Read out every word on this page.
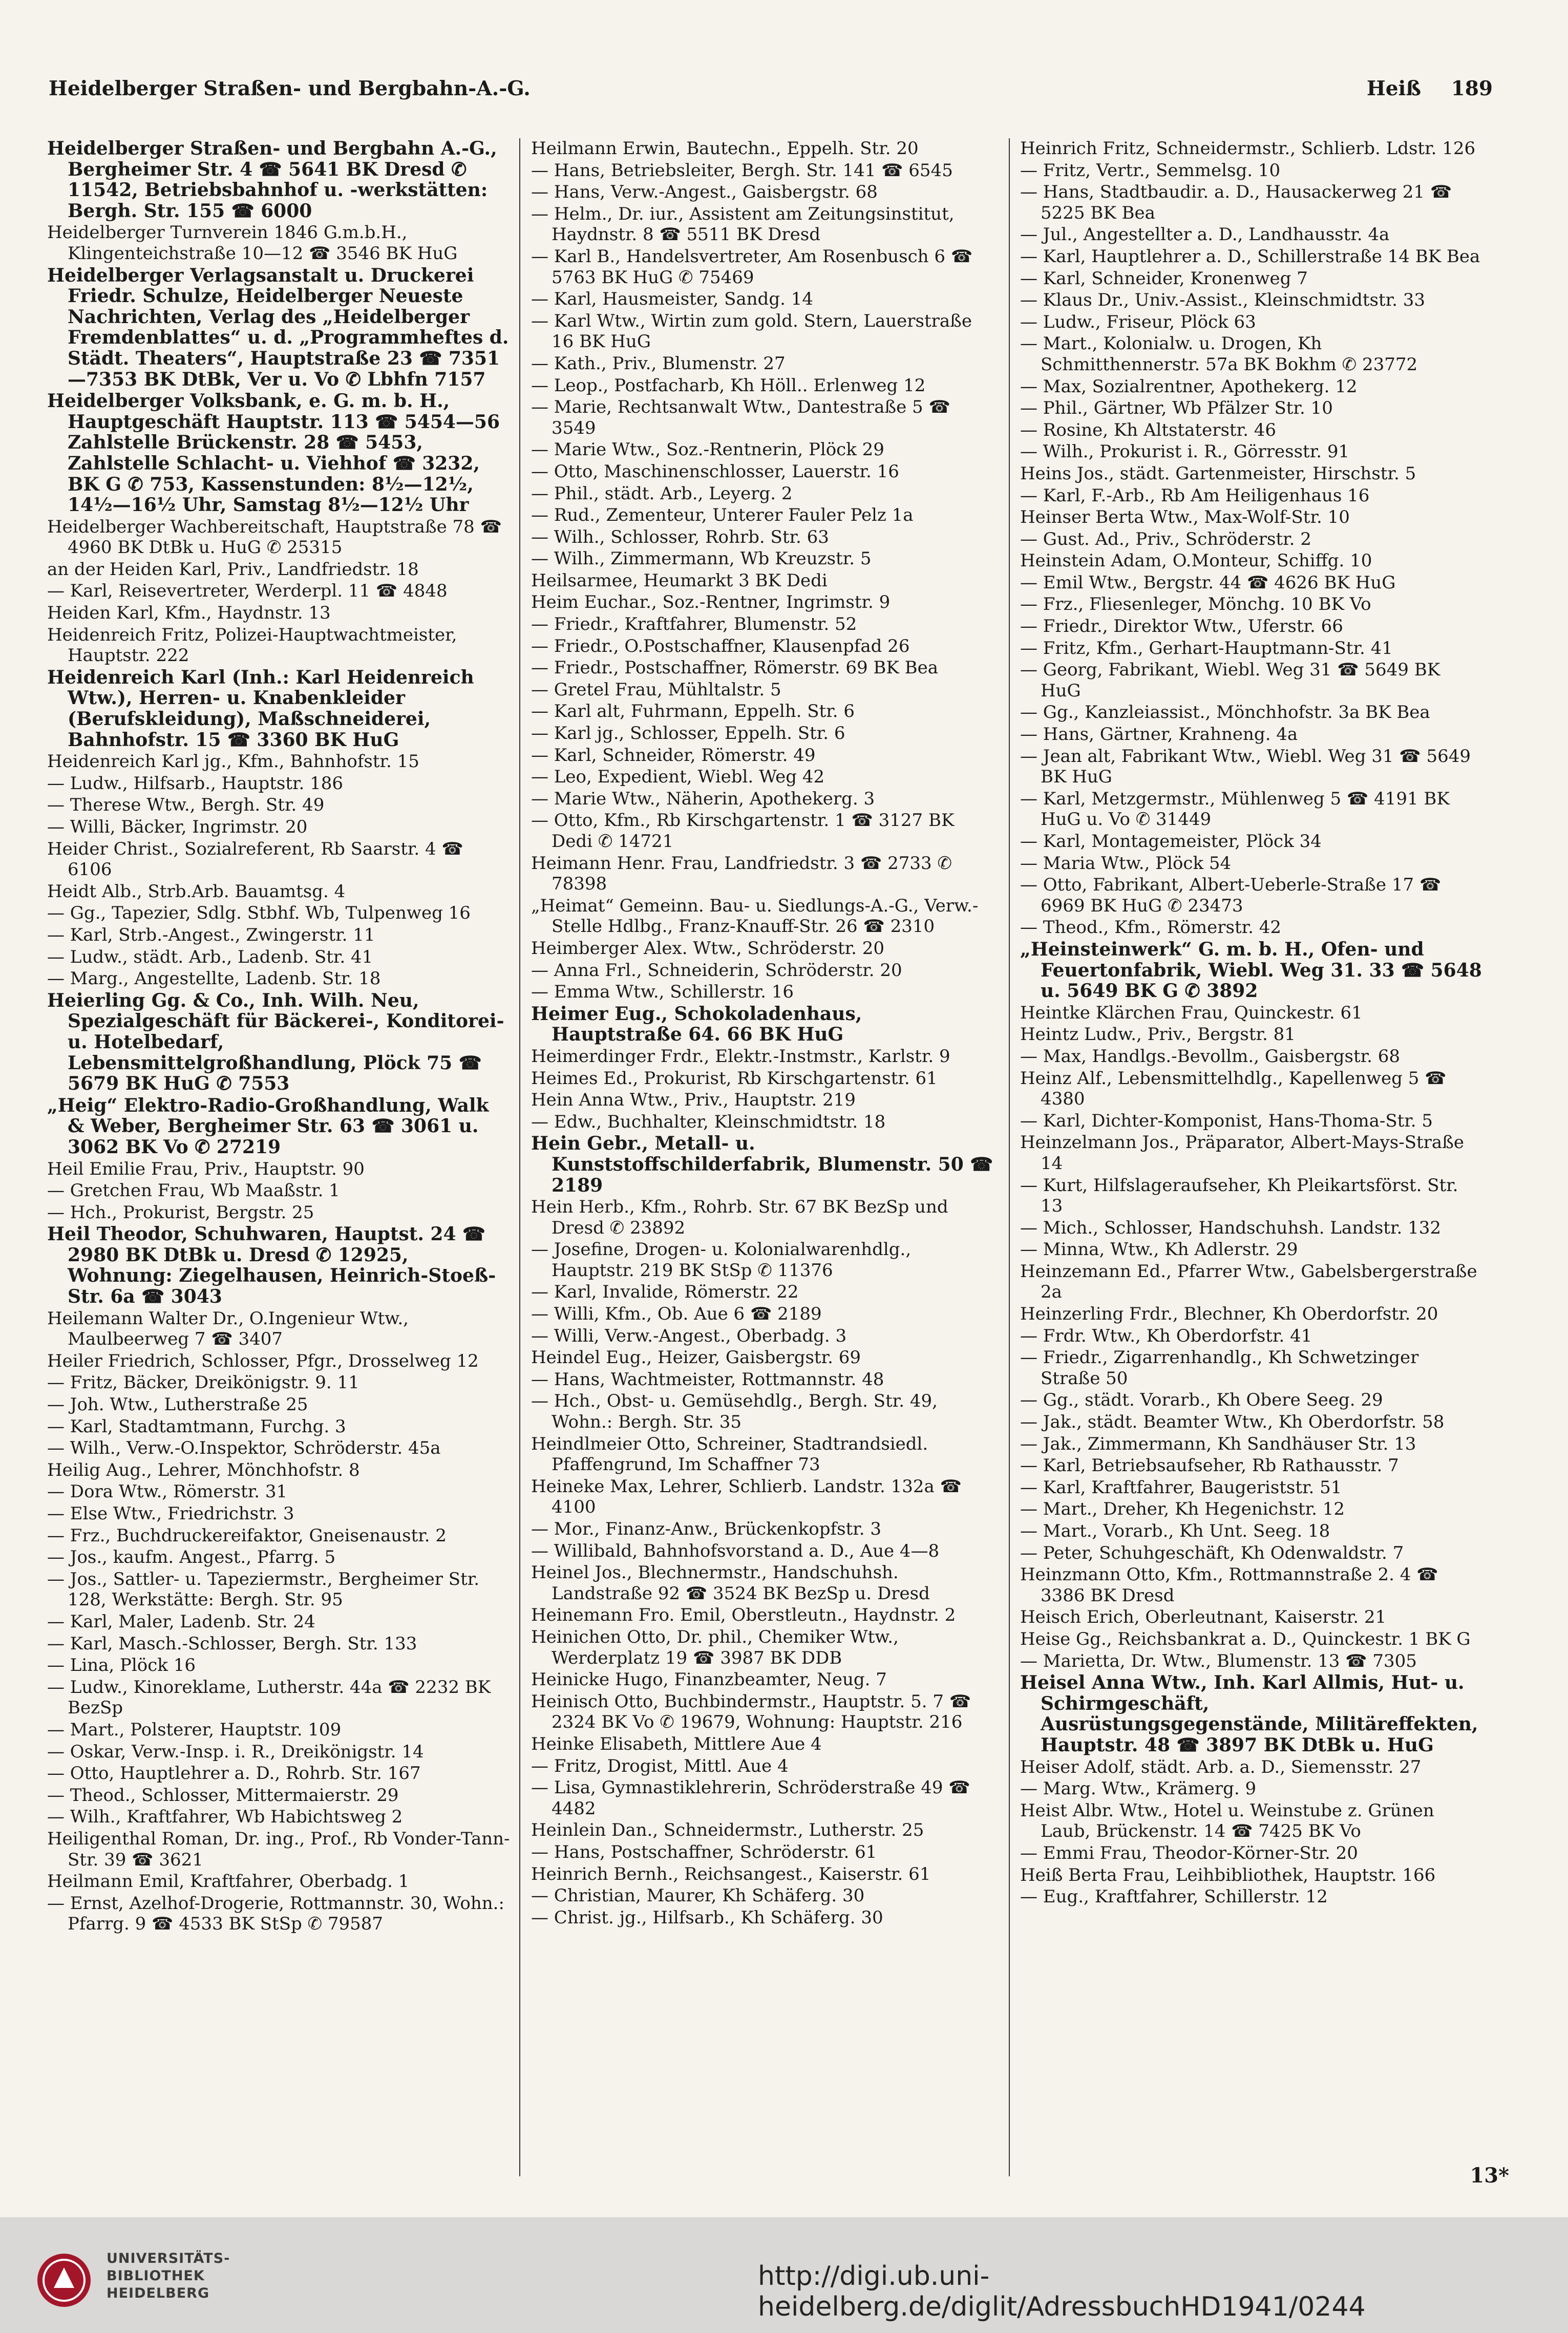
Heidelberger Straßen- und Bergbahn-A.-G.	Heiß 189

Heidelberger Straßen- und Bergbahn A.-G., Bergheimer Str. 4 ☎ 5641 BK Dresd ✆ 11542, Betriebsbahnhof u. -werkstätten: Bergh. Str. 155 ☎ 6000

Heidelberger Turnverein 1846 G.m.b.H., Klingenteichstraße 10—12 ☎ 3546 BK HuG

Heidelberger Verlagsanstalt u. Druckerei Friedr. Schulze, Heidelberger Neueste Nachrichten, Verlag des „Heidelberger Fremdenblattes“ u. d. „Programmheftes d. Städt. Theaters“, Hauptstraße 23 ☎ 7351—7353 BK DtBk, Ver u. Vo ✆ Lbhfn 7157

Heidelberger Volksbank, e. G. m. b. H., Hauptgeschäft Hauptstr. 113 ☎ 5454—56 Zahlstelle Brückenstr. 28 ☎ 5453, Zahlstelle Schlacht- u. Viehhof ☎ 3232, BK G ✆ 753, Kassenstunden: 8½—12½, 14½—16½ Uhr, Samstag 8½—12½ Uhr

Heidelberger Wachbereitschaft, Hauptstraße 78 ☎ 4960 BK DtBk u. HuG ✆ 25315

an der Heiden Karl, Priv., Landfriedstr. 18

— Karl, Reisevertreter, Werderpl. 11 ☎ 4848

Heiden Karl, Kfm., Haydnstr. 13

Heidenreich Fritz, Polizei-Hauptwachtmeister, Hauptstr. 222

Heidenreich Karl (Inh.: Karl Heidenreich Wtw.), Herren- u. Knabenkleider (Berufskleidung), Maßschneiderei, Bahnhofstr. 15 ☎ 3360 BK HuG

Heidenreich Karl jg., Kfm., Bahnhofstr. 15

— Ludw., Hilfsarb., Hauptstr. 186

— Therese Wtw., Bergh. Str. 49

— Willi, Bäcker, Ingrimstr. 20

Heider Christ., Sozialreferent, Rb Saarstr. 4 ☎ 6106

Heidt Alb., Strb.Arb. Bauamtsg. 4

— Gg., Tapezier, Sdlg. Stbhf. Wb, Tulpenweg 16

— Karl, Strb.-Angest., Zwingerstr. 11

— Ludw., städt. Arb., Ladenb. Str. 41

— Marg., Angestellte, Ladenb. Str. 18

Heierling Gg. & Co., Inh. Wilh. Neu, Spezialgeschäft für Bäckerei-, Konditorei- u. Hotelbedarf, Lebensmittelgroßhandlung, Plöck 75 ☎ 5679 BK HuG ✆ 7553

„Heig“ Elektro-Radio-Großhandlung, Walk & Weber, Bergheimer Str. 63 ☎ 3061 u. 3062 BK Vo ✆ 27219

Heil Emilie Frau, Priv., Hauptstr. 90

— Gretchen Frau, Wb Maaßstr. 1

— Hch., Prokurist, Bergstr. 25

Heil Theodor, Schuhwaren, Hauptst. 24 ☎ 2980 BK DtBk u. Dresd ✆ 12925, Wohnung: Ziegelhausen, Heinrich-Stoeß-Str. 6a ☎ 3043

Heilemann Walter Dr., O.Ingenieur Wtw., Maulbeerweg 7 ☎ 3407

Heiler Friedrich, Schlosser, Pfgr., Drosselweg 12

— Fritz, Bäcker, Dreikönigstr. 9. 11

— Joh. Wtw., Lutherstraße 25

— Karl, Stadtamtmann, Furchg. 3

— Wilh., Verw.-O.Inspektor, Schröderstr. 45a

Heilig Aug., Lehrer, Mönchhofstr. 8

— Dora Wtw., Römerstr. 31

— Else Wtw., Friedrichstr. 3

— Frz., Buchdruckereifaktor, Gneisenaustr. 2

— Jos., kaufm. Angest., Pfarrg. 5

— Jos., Sattler- u. Tapeziermstr., Bergheimer Str. 128, Werkstätte: Bergh. Str. 95

— Karl, Maler, Ladenb. Str. 24

— Karl, Masch.-Schlosser, Bergh. Str. 133

— Lina, Plöck 16

— Ludw., Kinoreklame, Lutherstr. 44a ☎ 2232 BK BezSp

— Mart., Polsterer, Hauptstr. 109

— Oskar, Verw.-Insp. i. R., Dreikönigstr. 14

— Otto, Hauptlehrer a. D., Rohrb. Str. 167

— Theod., Schlosser, Mittermaierstr. 29

— Wilh., Kraftfahrer, Wb Habichtsweg 2

Heiligenthal Roman, Dr. ing., Prof., Rb Vonder-Tann-Str. 39 ☎ 3621

Heilmann Emil, Kraftfahrer, Oberbadg. 1

— Ernst, Azelhof-Drogerie, Rottmannstr. 30, Wohn.: Pfarrg. 9 ☎ 4533 BK StSp ✆ 79587

Heilmann Erwin, Bautechn., Eppelh. Str. 20

— Hans, Betriebsleiter, Bergh. Str. 141 ☎ 6545

— Hans, Verw.-Angest., Gaisbergstr. 68

— Helm., Dr. iur., Assistent am Zeitungsinstitut, Haydnstr. 8 ☎ 5511 BK Dresd

— Karl B., Handelsvertreter, Am Rosenbusch 6 ☎ 5763 BK HuG ✆ 75469

— Karl, Hausmeister, Sandg. 14

— Karl Wtw., Wirtin zum gold. Stern, Lauerstraße 16 BK HuG

— Kath., Priv., Blumenstr. 27

— Leop., Postfacharb, Kh Höll.. Erlenweg 12

— Marie, Rechtsanwalt Wtw., Dantestraße 5 ☎ 3549

— Marie Wtw., Soz.-Rentnerin, Plöck 29

— Otto, Maschinenschlosser, Lauerstr. 16

— Phil., städt. Arb., Leyerg. 2

— Rud., Zementeur, Unterer Fauler Pelz 1a

— Wilh., Schlosser, Rohrb. Str. 63

— Wilh., Zimmermann, Wb Kreuzstr. 5

Heilsarmee, Heumarkt 3 BK Dedi

Heim Euchar., Soz.-Rentner, Ingrimstr. 9

— Friedr., Kraftfahrer, Blumenstr. 52

— Friedr., O.Postschaffner, Klausenpfad 26

— Friedr., Postschaffner, Römerstr. 69 BK Bea

— Gretel Frau, Mühltalstr. 5

— Karl alt, Fuhrmann, Eppelh. Str. 6

— Karl jg., Schlosser, Eppelh. Str. 6

— Karl, Schneider, Römerstr. 49

— Leo, Expedient, Wiebl. Weg 42

— Marie Wtw., Näherin, Apothekerg. 3

— Otto, Kfm., Rb Kirschgartenstr. 1 ☎ 3127 BK Dedi ✆ 14721

Heimann Henr. Frau, Landfriedstr. 3 ☎ 2733 ✆ 78398

„Heimat“ Gemeinn. Bau- u. Siedlungs-A.-G., Verw.-Stelle Hdlbg., Franz-Knauff-Str. 26 ☎ 2310

Heimberger Alex. Wtw., Schröderstr. 20

— Anna Frl., Schneiderin, Schröderstr. 20

— Emma Wtw., Schillerstr. 16

Heimer Eug., Schokoladenhaus, Hauptstraße 64. 66 BK HuG

Heimerdinger Frdr., Elektr.-Instmstr., Karlstr. 9

Heimes Ed., Prokurist, Rb Kirschgartenstr. 61

Hein Anna Wtw., Priv., Hauptstr. 219

— Edw., Buchhalter, Kleinschmidtstr. 18

Hein Gebr., Metall- u. Kunststoffschilderfabrik, Blumenstr. 50 ☎ 2189

Hein Herb., Kfm., Rohrb. Str. 67 BK BezSp und Dresd ✆ 23892

— Josefine, Drogen- u. Kolonialwarenhdlg., Hauptstr. 219 BK StSp ✆ 11376

— Karl, Invalide, Römerstr. 22

— Willi, Kfm., Ob. Aue 6 ☎ 2189

— Willi, Verw.-Angest., Oberbadg. 3

Heindel Eug., Heizer, Gaisbergstr. 69

— Hans, Wachtmeister, Rottmannstr. 48

— Hch., Obst- u. Gemüsehdlg., Bergh. Str. 49, Wohn.: Bergh. Str. 35

Heindlmeier Otto, Schreiner, Stadtrandsiedl. Pfaffengrund, Im Schaffner 73

Heineke Max, Lehrer, Schlierb. Landstr. 132a ☎ 4100

— Mor., Finanz-Anw., Brückenkopfstr. 3

— Willibald, Bahnhofsvorstand a. D., Aue 4—8

Heinel Jos., Blechnermstr., Handschuhsh. Landstraße 92 ☎ 3524 BK BezSp u. Dresd

Heinemann Fro. Emil, Oberstleutn., Haydnstr. 2

Heinichen Otto, Dr. phil., Chemiker Wtw., Werderplatz 19 ☎ 3987 BK DDB

Heinicke Hugo, Finanzbeamter, Neug. 7

Heinisch Otto, Buchbindermstr., Hauptstr. 5. 7 ☎ 2324 BK Vo ✆ 19679, Wohnung: Hauptstr. 216

Heinke Elisabeth, Mittlere Aue 4

— Fritz, Drogist, Mittl. Aue 4

— Lisa, Gymnastiklehrerin, Schröderstraße 49 ☎ 4482

Heinlein Dan., Schneidermstr., Lutherstr. 25

— Hans, Postschaffner, Schröderstr. 61

Heinrich Bernh., Reichsangest., Kaiserstr. 61

— Christian, Maurer, Kh Schäferg. 30

— Christ. jg., Hilfsarb., Kh Schäferg. 30

Heinrich Fritz, Schneidermstr., Schlierb. Ldstr. 126

— Fritz, Vertr., Semmelsg. 10

— Hans, Stadtbaudir. a. D., Hausackerweg 21 ☎ 5225 BK Bea

— Jul., Angestellter a. D., Landhausstr. 4a

— Karl, Hauptlehrer a. D., Schillerstraße 14 BK Bea

— Karl, Schneider, Kronenweg 7

— Klaus Dr., Univ.-Assist., Kleinschmidtstr. 33

— Ludw., Friseur, Plöck 63

— Mart., Kolonialw. u. Drogen, Kh Schmitthennerstr. 57a BK Bokhm ✆ 23772

— Max, Sozialrentner, Apothekerg. 12

— Phil., Gärtner, Wb Pfälzer Str. 10

— Rosine, Kh Altstaterstr. 46

— Wilh., Prokurist i. R., Görresstr. 91

Heins Jos., städt. Gartenmeister, Hirschstr. 5

— Karl, F.-Arb., Rb Am Heiligenhaus 16

Heinser Berta Wtw., Max-Wolf-Str. 10

— Gust. Ad., Priv., Schröderstr. 2

Heinstein Adam, O.Monteur, Schiffg. 10

— Emil Wtw., Bergstr. 44 ☎ 4626 BK HuG

— Frz., Fliesenleger, Mönchg. 10 BK Vo

— Friedr., Direktor Wtw., Uferstr. 66

— Fritz, Kfm., Gerhart-Hauptmann-Str. 41

— Georg, Fabrikant, Wiebl. Weg 31 ☎ 5649 BK HuG

— Gg., Kanzleiassist., Mönchhofstr. 3a BK Bea

— Hans, Gärtner, Krahneng. 4a

— Jean alt, Fabrikant Wtw., Wiebl. Weg 31 ☎ 5649 BK HuG

— Karl, Metzgermstr., Mühlenweg 5 ☎ 4191 BK HuG u. Vo ✆ 31449

— Karl, Montagemeister, Plöck 34

— Maria Wtw., Plöck 54

— Otto, Fabrikant, Albert-Ueberle-Straße 17 ☎ 6969 BK HuG ✆ 23473

— Theod., Kfm., Römerstr. 42

„Heinsteinwerk“ G. m. b. H., Ofen- und Feuertonfabrik, Wiebl. Weg 31. 33 ☎ 5648 u. 5649 BK G ✆ 3892

Heintke Klärchen Frau, Quinckestr. 61

Heintz Ludw., Priv., Bergstr. 81

— Max, Handlgs.-Bevollm., Gaisbergstr. 68

Heinz Alf., Lebensmittelhdlg., Kapellenweg 5 ☎ 4380

— Karl, Dichter-Komponist, Hans-Thoma-Str. 5

Heinzelmann Jos., Präparator, Albert-Mays-Straße 14

— Kurt, Hilfslageraufseher, Kh Pleikartsförst. Str. 13

— Mich., Schlosser, Handschuhsh. Landstr. 132

— Minna, Wtw., Kh Adlerstr. 29

Heinzemann Ed., Pfarrer Wtw., Gabelsbergerstraße 2a

Heinzerling Frdr., Blechner, Kh Oberdorfstr. 20

— Frdr. Wtw., Kh Oberdorfstr. 41

— Friedr., Zigarrenhandlg., Kh Schwetzinger Straße 50

— Gg., städt. Vorarb., Kh Obere Seeg. 29

— Jak., städt. Beamter Wtw., Kh Oberdorfstr. 58

— Jak., Zimmermann, Kh Sandhäuser Str. 13

— Karl, Betriebsaufseher, Rb Rathausstr. 7

— Karl, Kraftfahrer, Baugeriststr. 51

— Mart., Dreher, Kh Hegenichstr. 12

— Mart., Vorarb., Kh Unt. Seeg. 18

— Peter, Schuhgeschäft, Kh Odenwaldstr. 7

Heinzmann Otto, Kfm., Rottmannstraße 2. 4 ☎ 3386 BK Dresd

Heisch Erich, Oberleutnant, Kaiserstr. 21

Heise Gg., Reichsbankrat a. D., Quinckestr. 1 BK G

— Marietta, Dr. Wtw., Blumenstr. 13 ☎ 7305

Heisel Anna Wtw., Inh. Karl Allmis, Hut- u. Schirmgeschäft, Ausrüstungsgegenstände, Militäreffekten, Hauptstr. 48 ☎ 3897 BK DtBk u. HuG

Heiser Adolf, städt. Arb. a. D., Siemensstr. 27

— Marg. Wtw., Krämerg. 9

Heist Albr. Wtw., Hotel u. Weinstube z. Grünen Laub, Brückenstr. 14 ☎ 7425 BK Vo

— Emmi Frau, Theodor-Körner-Str. 20

Heiß Berta Frau, Leihbibliothek, Hauptstr. 166

— Eug., Kraftfahrer, Schillerstr. 12

13*
UNIVERSITÄTS-
BIBLIOTHEK
HEIDELBERG
http://digi.ub.uni-heidelberg.de/diglit/AdressbuchHD1941/0244
